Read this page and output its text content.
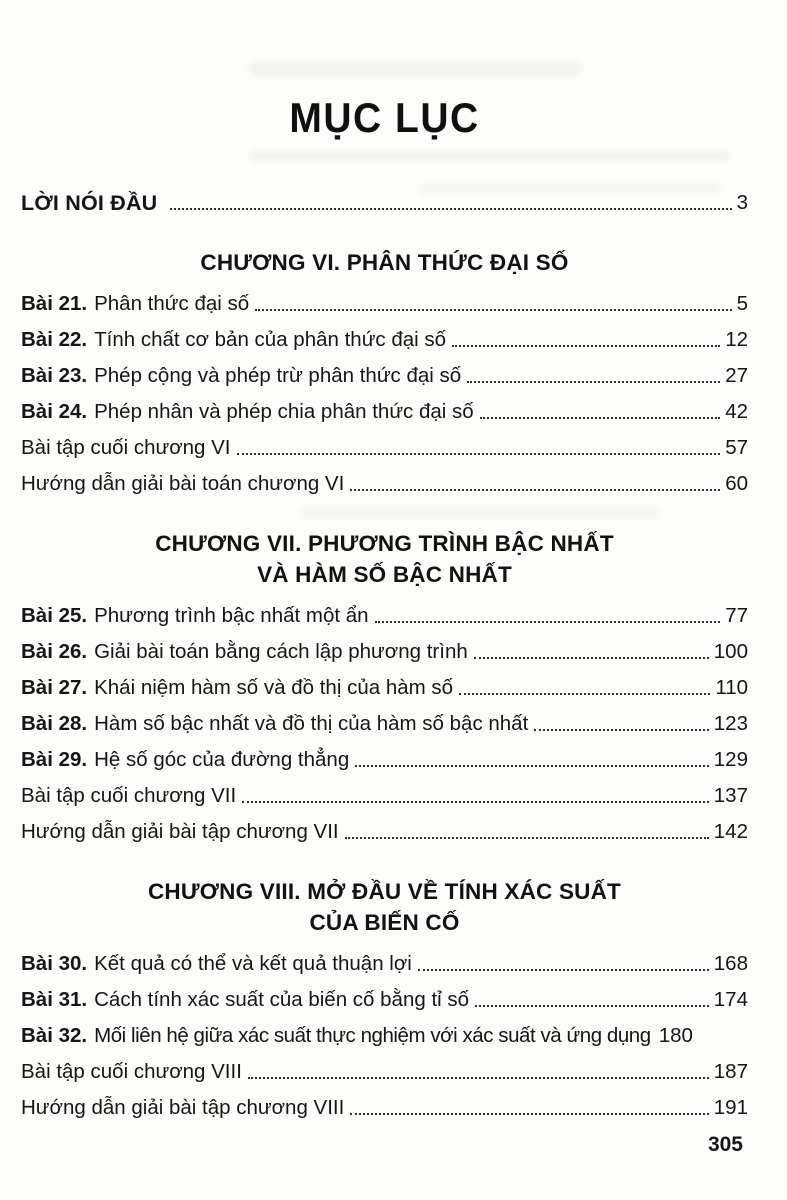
MỤC LỤC
LỜI NÓI ĐẦU	3
CHƯƠNG VI. PHÂN THỨC ĐẠI SỐ
Bài 21. Phân thức đại số	5
Bài 22. Tính chất cơ bản của phân thức đại số	12
Bài 23. Phép cộng và phép trừ phân thức đại số	27
Bài 24. Phép nhân và phép chia phân thức đại số	42
Bài tập cuối chương VI	57
Hướng dẫn giải bài toán chương VI	60
CHƯƠNG VII. PHƯƠNG TRÌNH BẬC NHẤT
VÀ HÀM SỐ BẬC NHẤT
Bài 25. Phương trình bậc nhất một ẩn	77
Bài 26. Giải bài toán bằng cách lập phương trình	100
Bài 27. Khái niệm hàm số và đồ thị của hàm số	110
Bài 28. Hàm số bậc nhất và đồ thị của hàm số bậc nhất	123
Bài 29. Hệ số góc của đường thẳng	129
Bài tập cuối chương VII	137
Hướng dẫn giải bài tập chương VII	142
CHƯƠNG VIII. MỞ ĐẦU VỀ TÍNH XÁC SUẤT
CỦA BIẾN CỐ
Bài 30. Kết quả có thể và kết quả thuận lợi	168
Bài 31. Cách tính xác suất của biến cố bằng tỉ số	174
Bài 32. Mối liên hệ giữa xác suất thực nghiệm với xác suất và ứng dụng 180
Bài tập cuối chương VIII	187
Hướng dẫn giải bài tập chương VIII	191
305
